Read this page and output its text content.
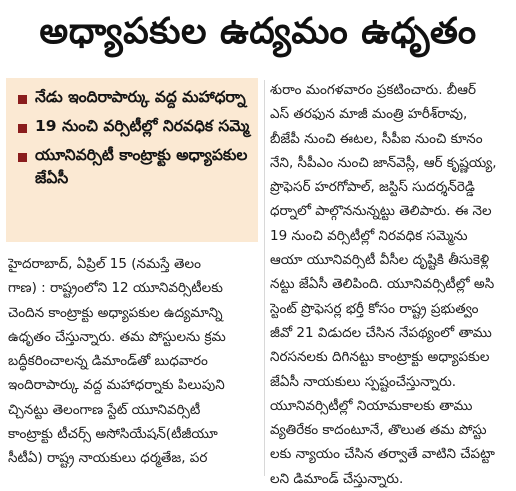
అధ్యాపకుల ఉద్యమం ఉధృతం
నేడు ఇందిరాపార్కు వద్ద మహాధర్నా
19 నుంచి వర్సిటీల్లో నిరవధిక సమ్మె
యూనివర్సిటీ కాంట్రాక్టు అధ్యాపకుల జేఏసీ
హైదరాబాద్, ఏప్రిల్ 15 (నమస్తే తెలం
గాణ) : రాష్ట్రంలోని 12 యూనివర్సిటీలకు
చెందిన కాంట్రాక్టు అధ్యాపకుల ఉద్యమాన్ని
ఉధృతం చేస్తున్నారు. తమ పోస్టులను క్రమ
బద్ధీకరించాలన్న డిమాండ్‌తో బుధవారం
ఇందిరాపార్కు వద్ద మహాధర్నాకు పిలుపుని
చ్చినట్టు తెలంగాణ స్టేట్ యూనివర్సిటీ
కాంట్రాక్టు టీచర్స్ అసోసియేషన్(టీజీయూ
సీటీఏ) రాష్ట్ర నాయకులు ధర్మతేజ, పర
శురాం మంగళవారం ప్రకటించారు. బీఆర్
ఎస్ తరఫున మాజీ మంత్రి హరీశ్‌రావు,
బీజేపీ నుంచి ఈటల, సీపీఐ నుంచి కూనం
నేని, సీపీఎం నుంచి జాన్‌వెస్లీ, ఆర్ కృష్ణయ్య,
ప్రొఫెసర్ హరగోపాల్, జస్టిస్ సుదర్శన్‌రెడ్డి
ధర్నాలో పాల్గొననున్నట్టు తెలిపారు. ఈ నెల
19 నుంచి వర్సిటీల్లో నిరవధిక సమ్మెను
ఆయా యూనివర్సిటీ వీసీల దృష్టికి తీసుకెళ్లి
నట్టు జేఏసీ తెలిపింది. యూనివర్సిటీల్లో అసి
స్టెంట్ ప్రొఫెసర్ల భర్తీ కోసం రాష్ట్ర ప్రభుత్వం
జీవో 21 విడుదల చేసిన నేపథ్యంలో తాము
నిరసనలకు దిగినట్టు కాంట్రాక్టు అధ్యాపకుల
జేఏసీ నాయకులు స్పష్టంచేస్తున్నారు.
యూనివర్సిటీల్లో నియామకాలకు తాము
వ్యతిరేకం కాదంటూనే, తొలుత తమ పోస్టు
లకు న్యాయం చేసిన తర్వాతే వాటిని చేపట్టా
లని డిమాండ్ చేస్తున్నారు.
